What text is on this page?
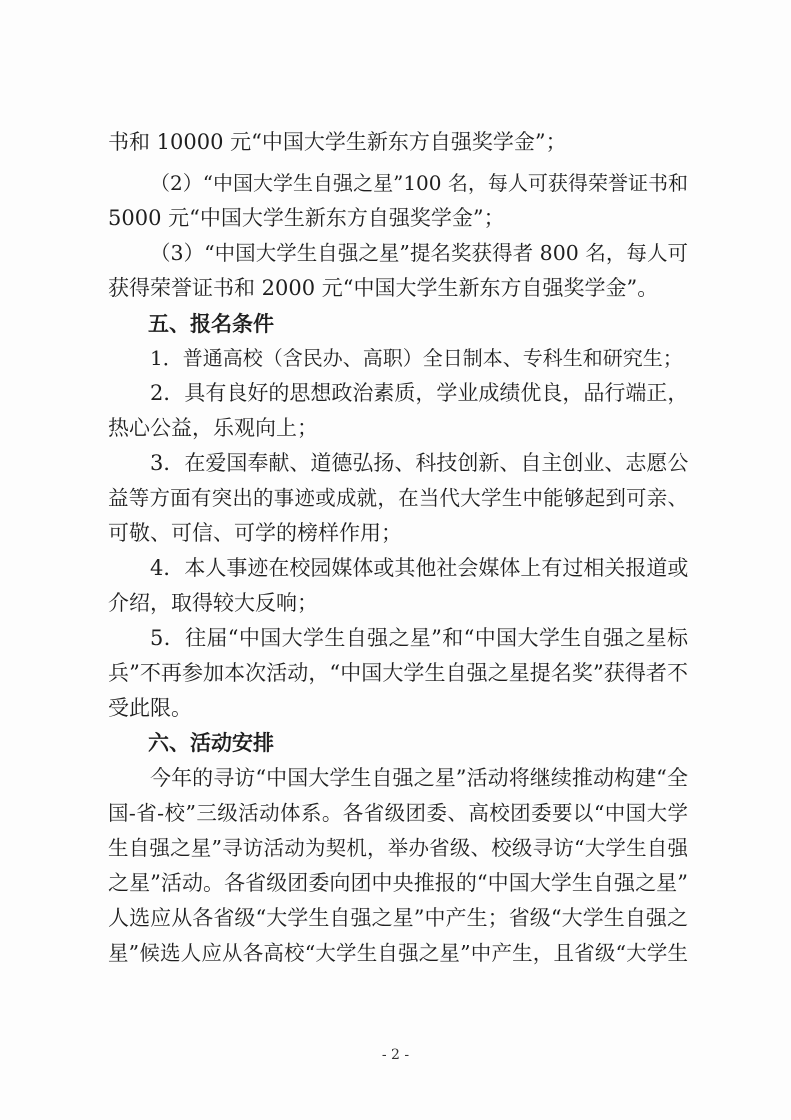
书和 10000 元“中国大学生新东方自强奖学金”；
（2）“中国大学生自强之星”100 名，每人可获得荣誉证书和
5000 元“中国大学生新东方自强奖学金”；
（3）“中国大学生自强之星”提名奖获得者 800 名，每人可
获得荣誉证书和 2000 元“中国大学生新东方自强奖学金”。
五、报名条件
1．普通高校（含民办、高职）全日制本、专科生和研究生；
2．具有良好的思想政治素质，学业成绩优良，品行端正，
热心公益，乐观向上；
3．在爱国奉献、道德弘扬、科技创新、自主创业、志愿公
益等方面有突出的事迹或成就，在当代大学生中能够起到可亲、
可敬、可信、可学的榜样作用；
4．本人事迹在校园媒体或其他社会媒体上有过相关报道或
介绍，取得较大反响；
5．往届“中国大学生自强之星”和“中国大学生自强之星标
兵”不再参加本次活动，“中国大学生自强之星提名奖”获得者不
受此限。
六、活动安排
今年的寻访“中国大学生自强之星”活动将继续推动构建“全
国-省-校”三级活动体系。各省级团委、高校团委要以“中国大学
生自强之星”寻访活动为契机，举办省级、校级寻访“大学生自强
之星”活动。各省级团委向团中央推报的“中国大学生自强之星”
人选应从各省级“大学生自强之星”中产生；省级“大学生自强之
星”候选人应从各高校“大学生自强之星”中产生，且省级“大学生
- 2 -
